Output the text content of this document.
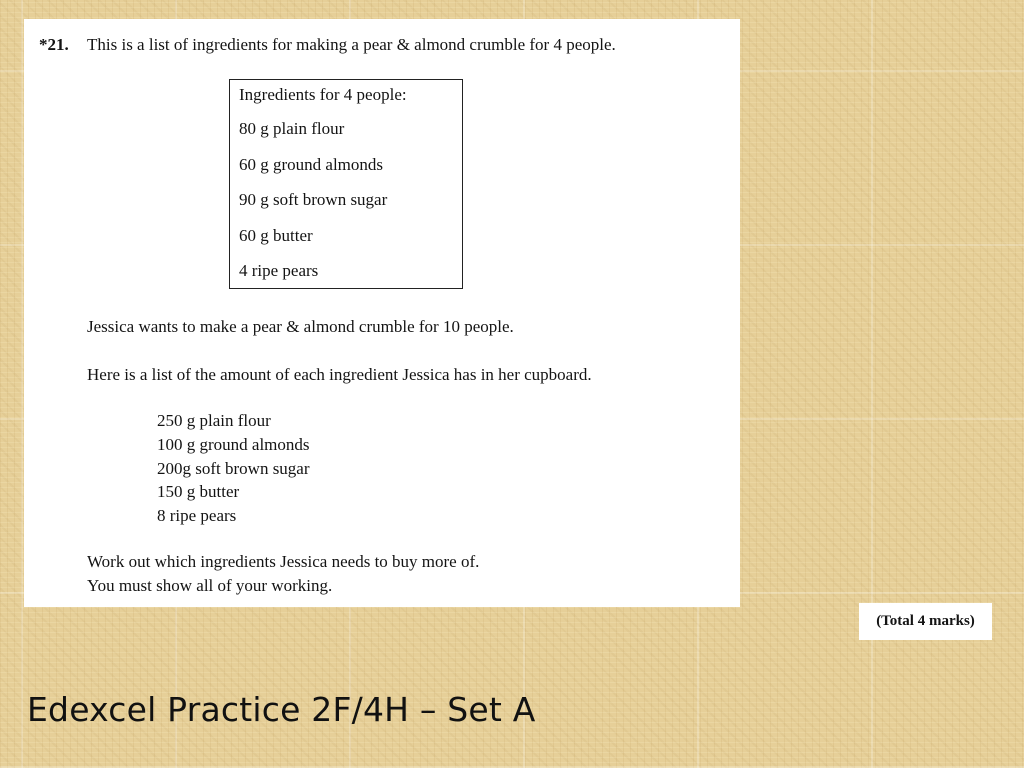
*21. This is a list of ingredients for making a pear & almond crumble for 4 people.
Ingredients for 4 people:
80 g plain flour
60 g ground almonds
90 g soft brown sugar
60 g butter
4 ripe pears
Jessica wants to make a pear & almond crumble for 10 people.
Here is a list of the amount of each ingredient Jessica has in her cupboard.
250 g plain flour
100 g ground almonds
200g soft brown sugar
150 g butter
8 ripe pears
Work out which ingredients Jessica needs to buy more of.
You must show all of your working.
(Total 4 marks)
Edexcel Practice 2F/4H – Set A
